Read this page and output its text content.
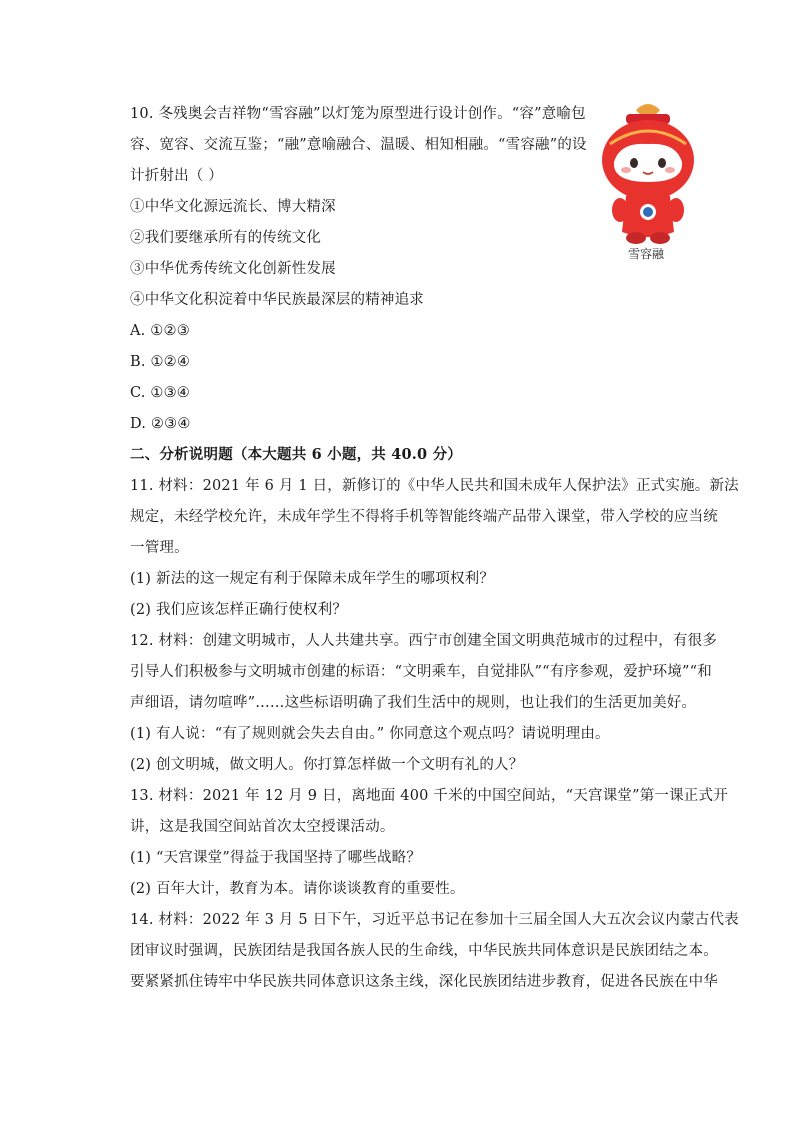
10. 冬残奥会吉祥物“雪容融”以灯笼为原型进行设计创作。“容”意喻包
容、宽容、交流互鉴；“融”意喻融合、温暖、相知相融。“雪容融”的设
计折射出（ ）
①中华文化源远流长、博大精深
②我们要继承所有的传统文化
③中华优秀传统文化创新性发展
④中华文化积淀着中华民族最深层的精神追求
A. ①②③
B. ①②④
C. ①③④
D. ②③④
雪容融
二、分析说明题（本大题共 6 小题，共 40.0 分）
11. 材料：2021 年 6 月 1 日，新修订的《中华人民共和国未成年人保护法》正式实施。新法
规定，未经学校允许，未成年学生不得将手机等智能终端产品带入课堂，带入学校的应当统
一管理。
(1) 新法的这一规定有利于保障未成年学生的哪项权利？
(2) 我们应该怎样正确行使权利？
12. 材料：创建文明城市，人人共建共享。西宁市创建全国文明典范城市的过程中，有很多
引导人们积极参与文明城市创建的标语：“文明乘车，自觉排队”“有序参观，爱护环境”“和
声细语，请勿喧哗”……这些标语明确了我们生活中的规则，也让我们的生活更加美好。
(1) 有人说：“有了规则就会失去自由。” 你同意这个观点吗？请说明理由。
(2) 创文明城，做文明人。你打算怎样做一个文明有礼的人？
13. 材料：2021 年 12 月 9 日，离地面 400 千米的中国空间站，“天宫课堂”第一课正式开
讲，这是我国空间站首次太空授课活动。
(1) “天宫课堂”得益于我国坚持了哪些战略？
(2) 百年大计，教育为本。请你谈谈教育的重要性。
14. 材料：2022 年 3 月 5 日下午，习近平总书记在参加十三届全国人大五次会议内蒙古代表
团审议时强调，民族团结是我国各族人民的生命线，中华民族共同体意识是民族团结之本。
要紧紧抓住铸牢中华民族共同体意识这条主线，深化民族团结进步教育，促进各民族在中华
